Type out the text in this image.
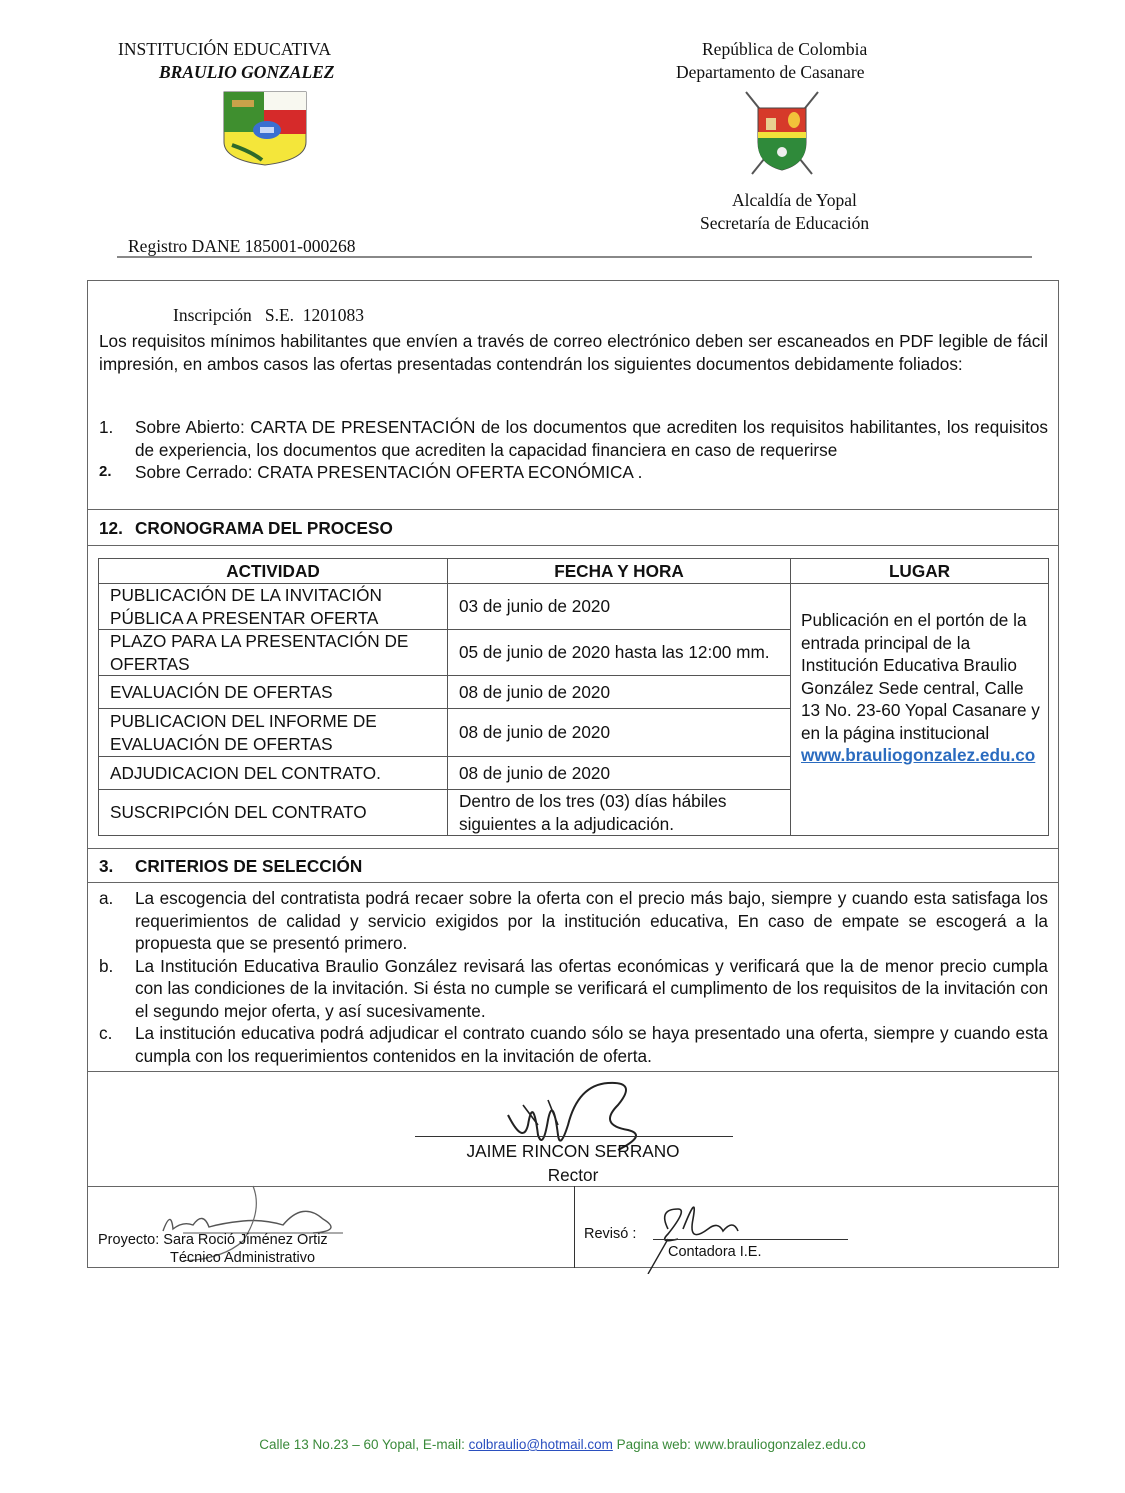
INSTITUCIÓN EDUCATIVA
BRAULIO GONZALEZ
República de Colombia
Departamento de Casanare

Registro DANE 185001-000268

Inscripción   S.E.  1201083

Alcaldía de Yopal
Secretaría de Educación
Los requisitos mínimos habilitantes que envíen a través de correo electrónico deben ser escaneados en PDF legible de fácil impresión, en ambos casos las ofertas presentadas contendrán los siguientes documentos debidamente foliados:
1. Sobre Abierto: CARTA DE PRESENTACIÓN de los documentos que acrediten los requisitos habilitantes, los requisitos de experiencia, los documentos que acrediten la capacidad financiera en caso de requerirse
2. Sobre Cerrado: CRATA PRESENTACIÓN OFERTA ECONÓMICA .
12. CRONOGRAMA DEL PROCESO
ACTIVIDAD	FECHA Y HORA	LUGAR
PUBLICACIÓN DE LA INVITACIÓN PÚBLICA A PRESENTAR OFERTA	03 de junio de 2020	Publicación en el portón de la entrada principal de la Institución Educativa Braulio González Sede central, Calle 13 No. 23-60 Yopal Casanare y en la página institucional www.brauliogonzalez.edu.co
PLAZO PARA LA PRESENTACIÓN DE OFERTAS	05 de junio de 2020 hasta las 12:00 mm.	
EVALUACIÓN DE OFERTAS	08 de junio de 2020	
PUBLICACION DEL INFORME DE EVALUACIÓN DE OFERTAS	08 de junio de 2020	
ADJUDICACION DEL CONTRATO.	08 de junio de 2020	
SUSCRIPCIÓN DEL CONTRATO	Dentro de los tres (03) días hábiles siguientes a la adjudicación.	
3. CRITERIOS DE SELECCIÓN
a. La escogencia del contratista podrá recaer sobre la oferta con el precio más bajo, siempre y cuando esta satisfaga los requerimientos de calidad y servicio exigidos por la institución educativa, En caso de empate se escogerá a la propuesta que se presentó primero.
b. La Institución Educativa Braulio González revisará las ofertas económicas y verificará que la de menor precio cumpla con las condiciones de la invitación. Si ésta no cumple se verificará el cumplimento de los requisitos de la invitación con el segundo mejor oferta, y así sucesivamente.
c. La institución educativa podrá adjudicar el contrato cuando sólo se haya presentado una oferta, siempre y cuando esta cumpla con los requerimientos contenidos en la invitación de oferta.
JAIME RINCON SERRANO
Rector
Proyecto: Sara Roció Jiménez Ortiz
Técnico Administrativo
Revisó :
Contadora I.E.
Calle 13 No.23 – 60 Yopal, E-mail: colbraulio@hotmail.com Pagina web: www.brauliogonzalez.edu.co
